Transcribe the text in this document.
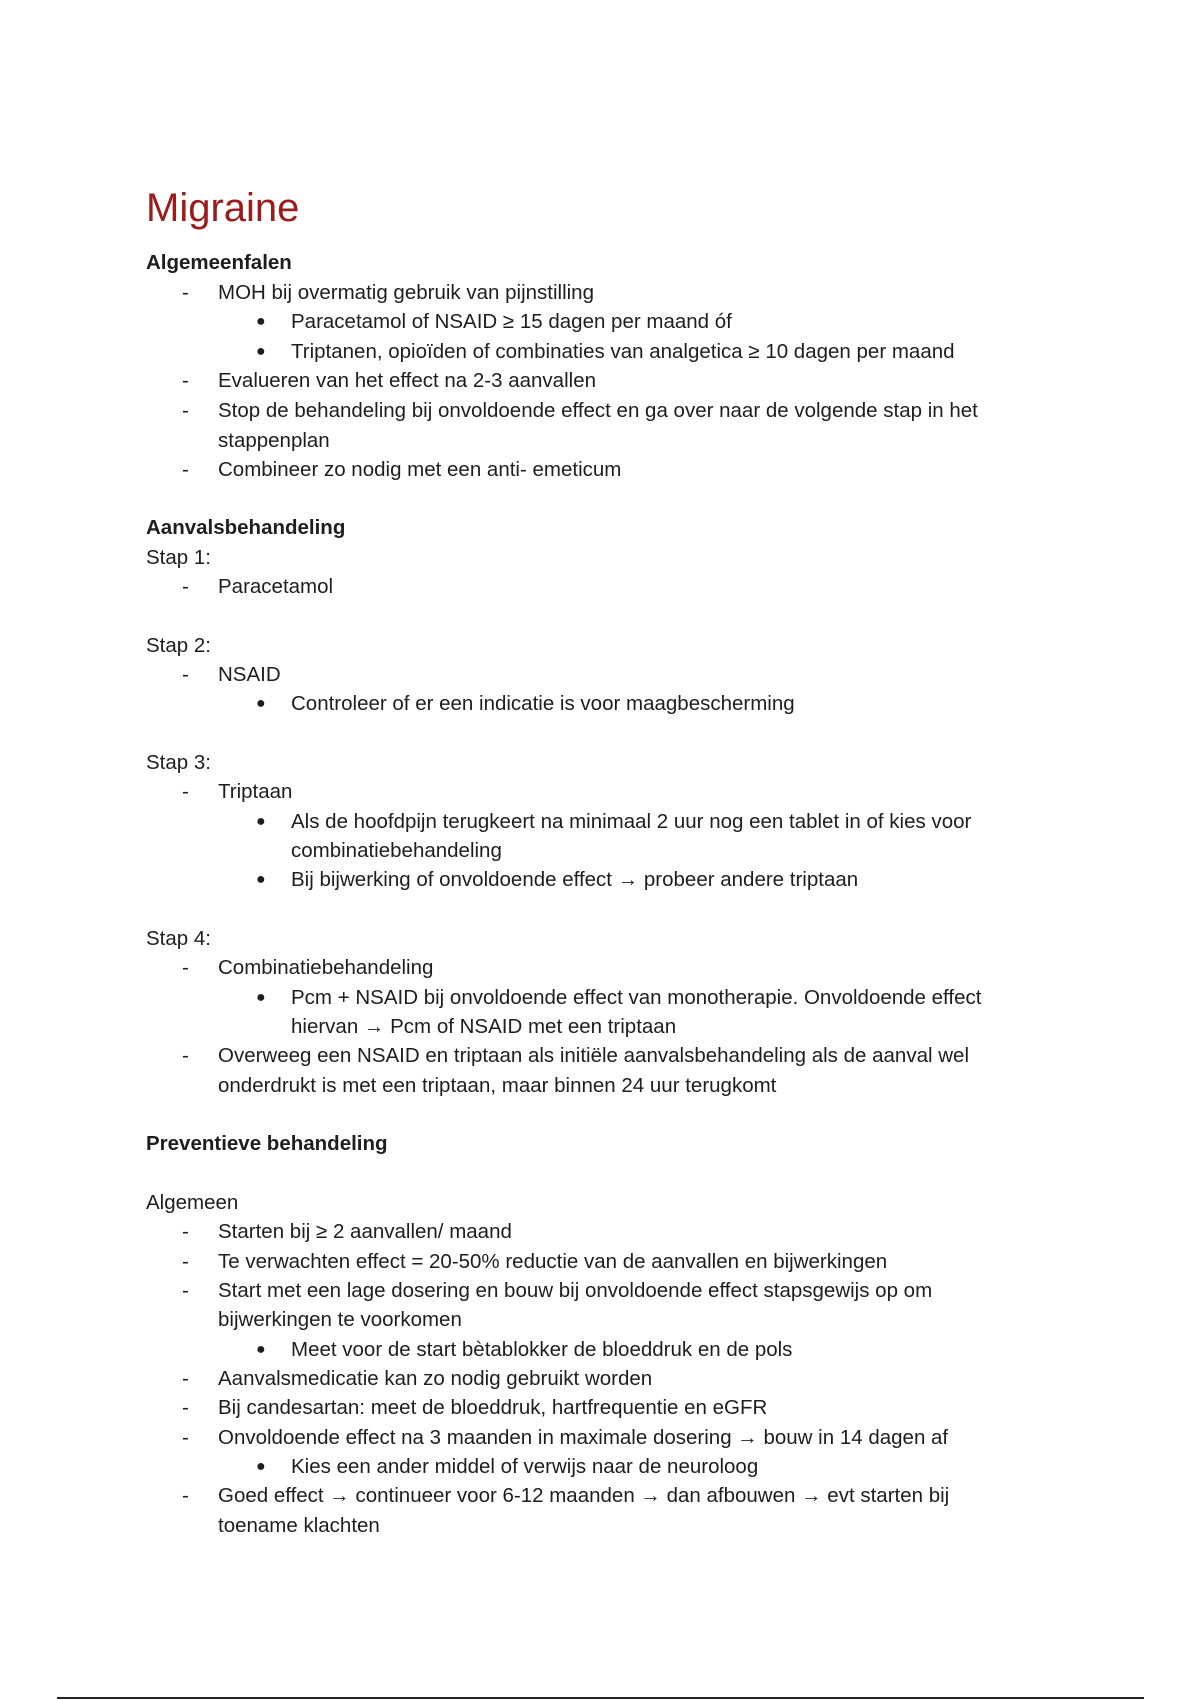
Migraine
Algemeenfalen
- MOH bij overmatig gebruik van pijnstilling
● Paracetamol of NSAID ≥ 15 dagen per maand óf
● Triptanen, opioïden of combinaties van analgetica ≥ 10 dagen per maand
- Evalueren van het effect na 2-3 aanvallen
- Stop de behandeling bij onvoldoende effect en ga over naar de volgende stap in het
stappenplan
- Combineer zo nodig met een anti- emeticum
Aanvalsbehandeling
Stap 1:
- Paracetamol
Stap 2:
- NSAID
● Controleer of er een indicatie is voor maagbescherming
Stap 3:
- Triptaan
● Als de hoofdpijn terugkeert na minimaal 2 uur nog een tablet in of kies voor
combinatiebehandeling
● Bij bijwerking of onvoldoende effect → probeer andere triptaan
Stap 4:
- Combinatiebehandeling
● Pcm + NSAID bij onvoldoende effect van monotherapie. Onvoldoende effect
hiervan → Pcm of NSAID met een triptaan
- Overweeg een NSAID en triptaan als initiële aanvalsbehandeling als de aanval wel
onderdrukt is met een triptaan, maar binnen 24 uur terugkomt
Preventieve behandeling
Algemeen
- Starten bij ≥ 2 aanvallen/ maand
- Te verwachten effect = 20-50% reductie van de aanvallen en bijwerkingen
- Start met een lage dosering en bouw bij onvoldoende effect stapsgewijs op om
bijwerkingen te voorkomen
● Meet voor de start bètablokker de bloeddruk en de pols
- Aanvalsmedicatie kan zo nodig gebruikt worden
- Bij candesartan: meet de bloeddruk, hartfrequentie en eGFR
- Onvoldoende effect na 3 maanden in maximale dosering → bouw in 14 dagen af
● Kies een ander middel of verwijs naar de neuroloog
- Goed effect → continueer voor 6-12 maanden → dan afbouwen → evt starten bij
toename klachten
